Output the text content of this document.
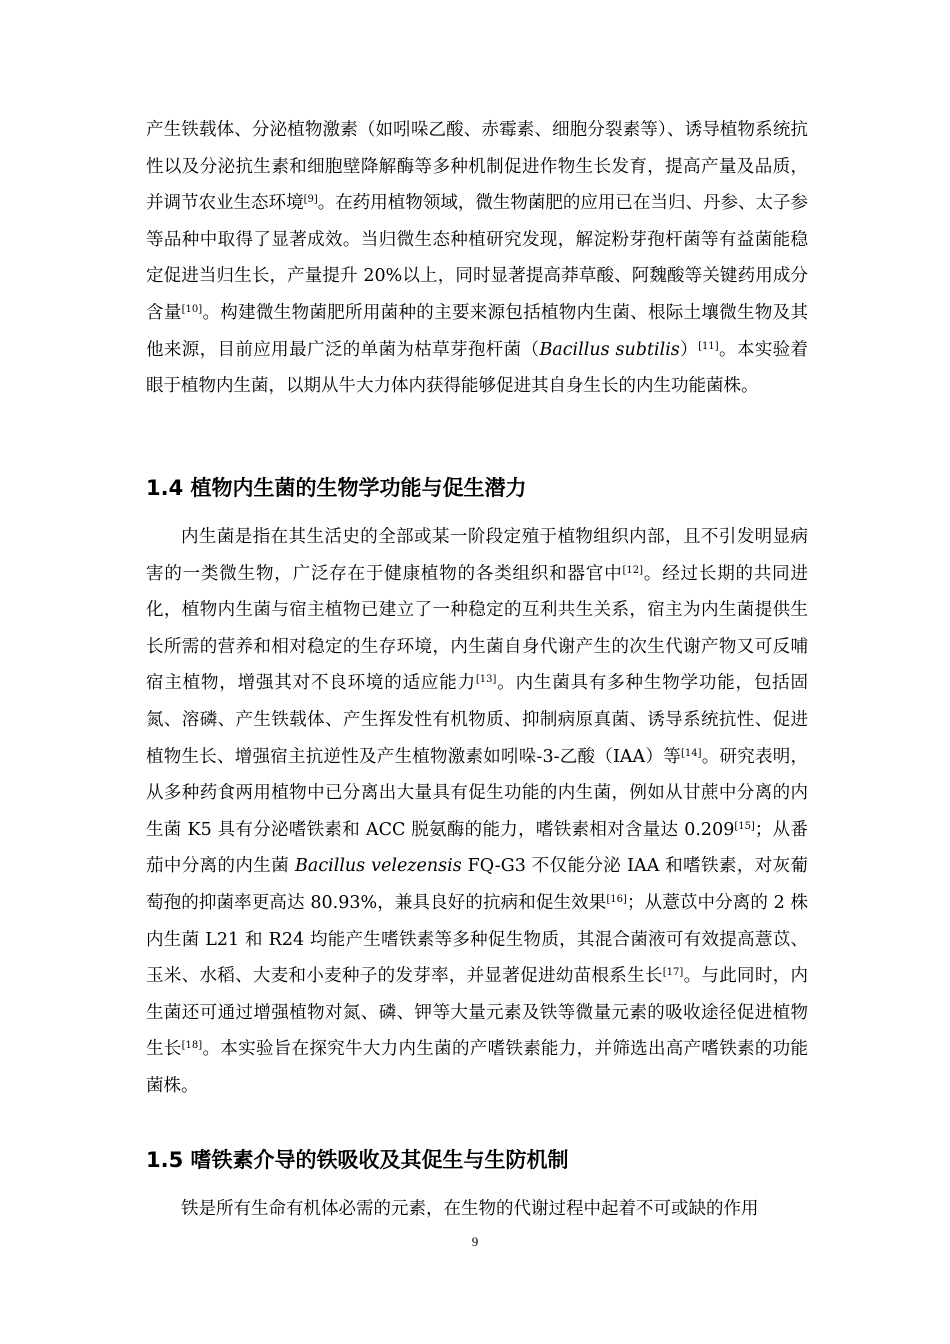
产生铁载体、分泌植物激素（如吲哚乙酸、赤霉素、细胞分裂素等）、诱导植物系统抗性以及分泌抗生素和细胞壁降解酶等多种机制促进作物生长发育，提高产量及品质，并调节农业生态环境[9]。在药用植物领域，微生物菌肥的应用已在当归、丹参、太子参等品种中取得了显著成效。当归微生态种植研究发现，解淀粉芽孢杆菌等有益菌能稳定促进当归生长，产量提升 20%以上，同时显著提高莽草酸、阿魏酸等关键药用成分含量[10]。构建微生物菌肥所用菌种的主要来源包括植物内生菌、根际土壤微生物及其他来源，目前应用最广泛的单菌为枯草芽孢杆菌（Bacillus subtilis）[11]。本实验着眼于植物内生菌，以期从牛大力体内获得能够促进其自身生长的内生功能菌株。

1.4 植物内生菌的生物学功能与促生潜力

内生菌是指在其生活史的全部或某一阶段定殖于植物组织内部，且不引发明显病害的一类微生物，广泛存在于健康植物的各类组织和器官中[12]。经过长期的共同进化，植物内生菌与宿主植物已建立了一种稳定的互利共生关系，宿主为内生菌提供生长所需的营养和相对稳定的生存环境，内生菌自身代谢产生的次生代谢产物又可反哺宿主植物，增强其对不良环境的适应能力[13]。内生菌具有多种生物学功能，包括固氮、溶磷、产生铁载体、产生挥发性有机物质、抑制病原真菌、诱导系统抗性、促进植物生长、增强宿主抗逆性及产生植物激素如吲哚-3-乙酸（IAA）等[14]。研究表明，从多种药食两用植物中已分离出大量具有促生功能的内生菌，例如从甘蔗中分离的内生菌 K5 具有分泌嗜铁素和 ACC 脱氨酶的能力，嗜铁素相对含量达 0.209[15]；从番茄中分离的内生菌 Bacillus velezensis FQ-G3 不仅能分泌 IAA 和嗜铁素，对灰葡萄孢的抑菌率更高达 80.93%，兼具良好的抗病和促生效果[16]；从薏苡中分离的 2 株内生菌 L21 和 R24 均能产生嗜铁素等多种促生物质，其混合菌液可有效提高薏苡、玉米、水稻、大麦和小麦种子的发芽率，并显著促进幼苗根系生长[17]。与此同时，内生菌还可通过增强植物对氮、磷、钾等大量元素及铁等微量元素的吸收途径促进植物生长[18]。本实验旨在探究牛大力内生菌的产嗜铁素能力，并筛选出高产嗜铁素的功能菌株。

1.5 嗜铁素介导的铁吸收及其促生与生防机制

铁是所有生命有机体必需的元素，在生物的代谢过程中起着不可或缺的作用

9
